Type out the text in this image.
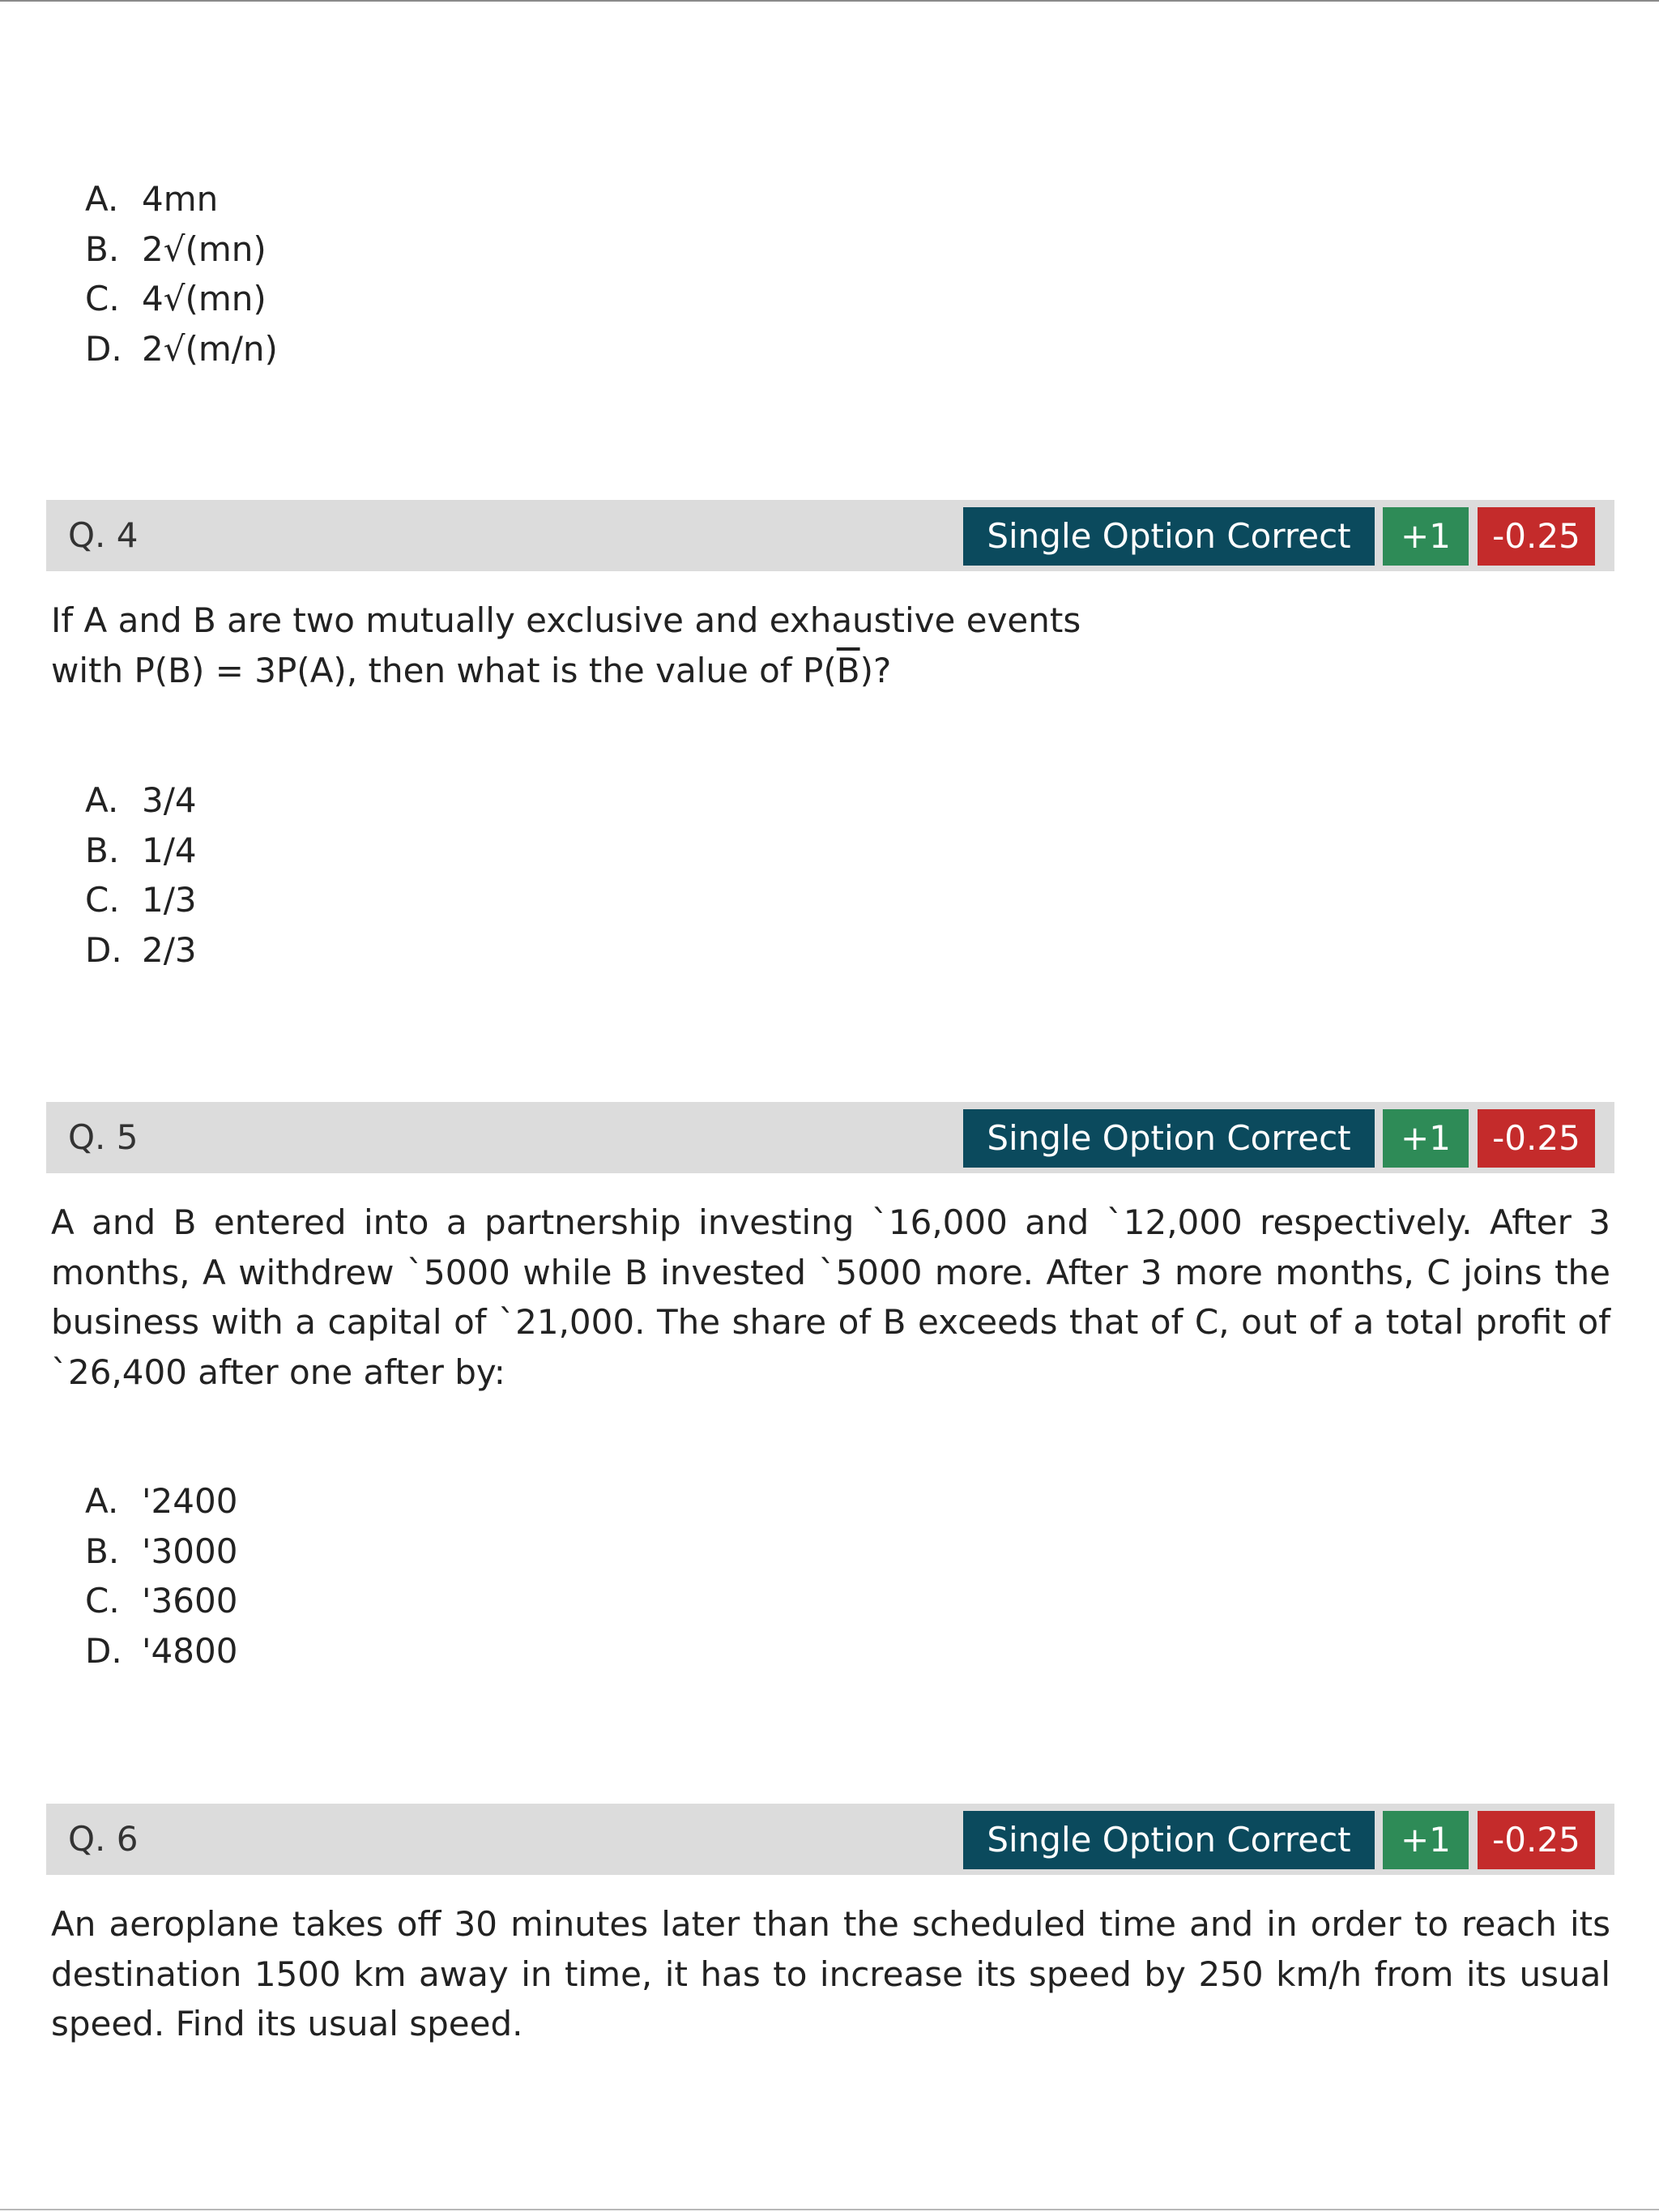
A. 4mn
B. 2√(mn)
C. 4√(mn)
D. 2√(m/n)
Q. 4	Single Option Correct	+1	-0.25
If A and B are two mutually exclusive and exhaustive events
with P(B) = 3P(A), then what is the value of $P(\overline{B})$?
A. 3/4
B. 1/4
C. 1/3
D. 2/3
Q. 5	Single Option Correct	+1	-0.25

A and B entered into a partnership investing `16,000 and `12,000 respectively. After 3 months, A withdrew `5000 while B invested `5000 more. After 3 more months, C joins the business with a capital of `21,000. The share of B exceeds that of C, out of a total profit of `26,400 after one after by:

A. '2400
B. '3000
C. '3600
D. '4800
Q. 6	Single Option Correct	+1	-0.25

An aeroplane takes off 30 minutes later than the scheduled time and in order to reach its destination 1500 km away in time, it has to increase its speed by 250 km/h from its usual speed. Find its usual speed.
